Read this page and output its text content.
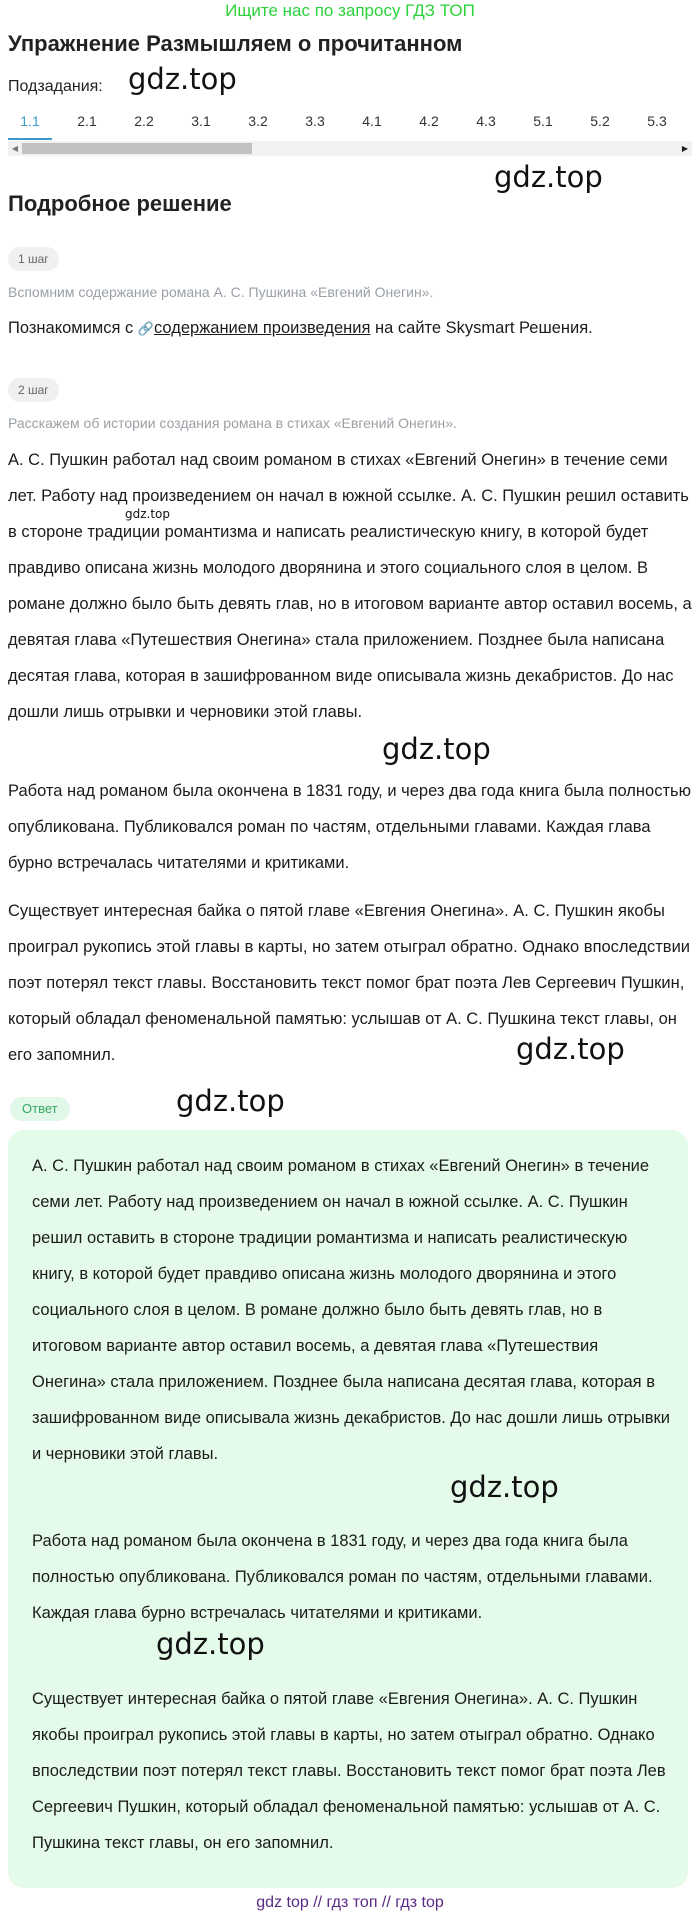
Ищите нас по запросу ГДЗ ТОП
Упражнение Размышляем о прочитанном
Подзадания: gdz.top
1.1	2.1	2.2	3.1	3.2	3.3	4.1	4.2	4.3	5.1	5.2	5.3
◀	▶
gdz.top
Подробное решение
1 шаг
Вспомним содержание романа А. С. Пушкина «Евгений Онегин».

Познакомимся с 🔗содержанием произведения на сайте Skysmart Решения.

2 шаг
Расскажем об истории создания романа в стихах «Евгений Онегин».
gdz.top

А. С. Пушкин работал над своим романом в стихах «Евгений Онегин» в течение семи лет. Работу над произведением он начал в южной ссылке. А. С. Пушкин решил оставить в стороне традиции романтизма и написать реалистическую книгу, в которой будет правдиво описана жизнь молодого дворянина и этого социального слоя в целом. В романе должно было быть девять глав, но в итоговом варианте автор оставил восемь, а девятая глава «Путешествия Онегина» стала приложением. Позднее была написана десятая глава, которая в зашифрованном виде описывала жизнь декабристов. До нас дошли лишь отрывки и черновики этой главы.

gdz.top

Работа над романом была окончена в 1831 году, и через два года книга была полностью опубликована. Публиковался роман по частям, отдельными главами. Каждая глава бурно встречалась читателями и критиками.

Существует интересная байка о пятой главе «Евгения Онегина». А. С. Пушкин якобы проиграл рукопись этой главы в карты, но затем отыграл обратно. Однако впоследствии поэт потерял текст главы. Восстановить текст помог брат поэта Лев Сергеевич Пушкин, который обладал феноменальной памятью: услышав от А. С. Пушкина текст главы, он его запомнил.	gdz.top
Ответ	gdz.top

А. С. Пушкин работал над своим романом в стихах «Евгений Онегин» в течение семи лет. Работу над произведением он начал в южной ссылке. А. С. Пушкин решил оставить в стороне традиции романтизма и написать реалистическую книгу, в которой будет правдиво описана жизнь молодого дворянина и этого социального слоя в целом. В романе должно было быть девять глав, но в итоговом варианте автор оставил восемь, а девятая глава «Путешествия Онегина» стала приложением. Позднее была написана десятая глава, которая в зашифрованном виде описывала жизнь декабристов. До нас дошли лишь отрывки и черновики этой главы.

gdz.top

Работа над романом была окончена в 1831 году, и через два года книга была полностью опубликована. Публиковался роман по частям, отдельными главами. Каждая глава бурно встречалась читателями и критиками.

gdz.top

Существует интересная байка о пятой главе «Евгения Онегина». А. С. Пушкин якобы проиграл рукопись этой главы в карты, но затем отыграл обратно. Однако впоследствии поэт потерял текст главы. Восстановить текст помог брат поэта Лев Сергеевич Пушкин, который обладал феноменальной памятью: услышав от А. С. Пушкина текст главы, он его запомнил.

gdz top // гдз топ // гдз top
